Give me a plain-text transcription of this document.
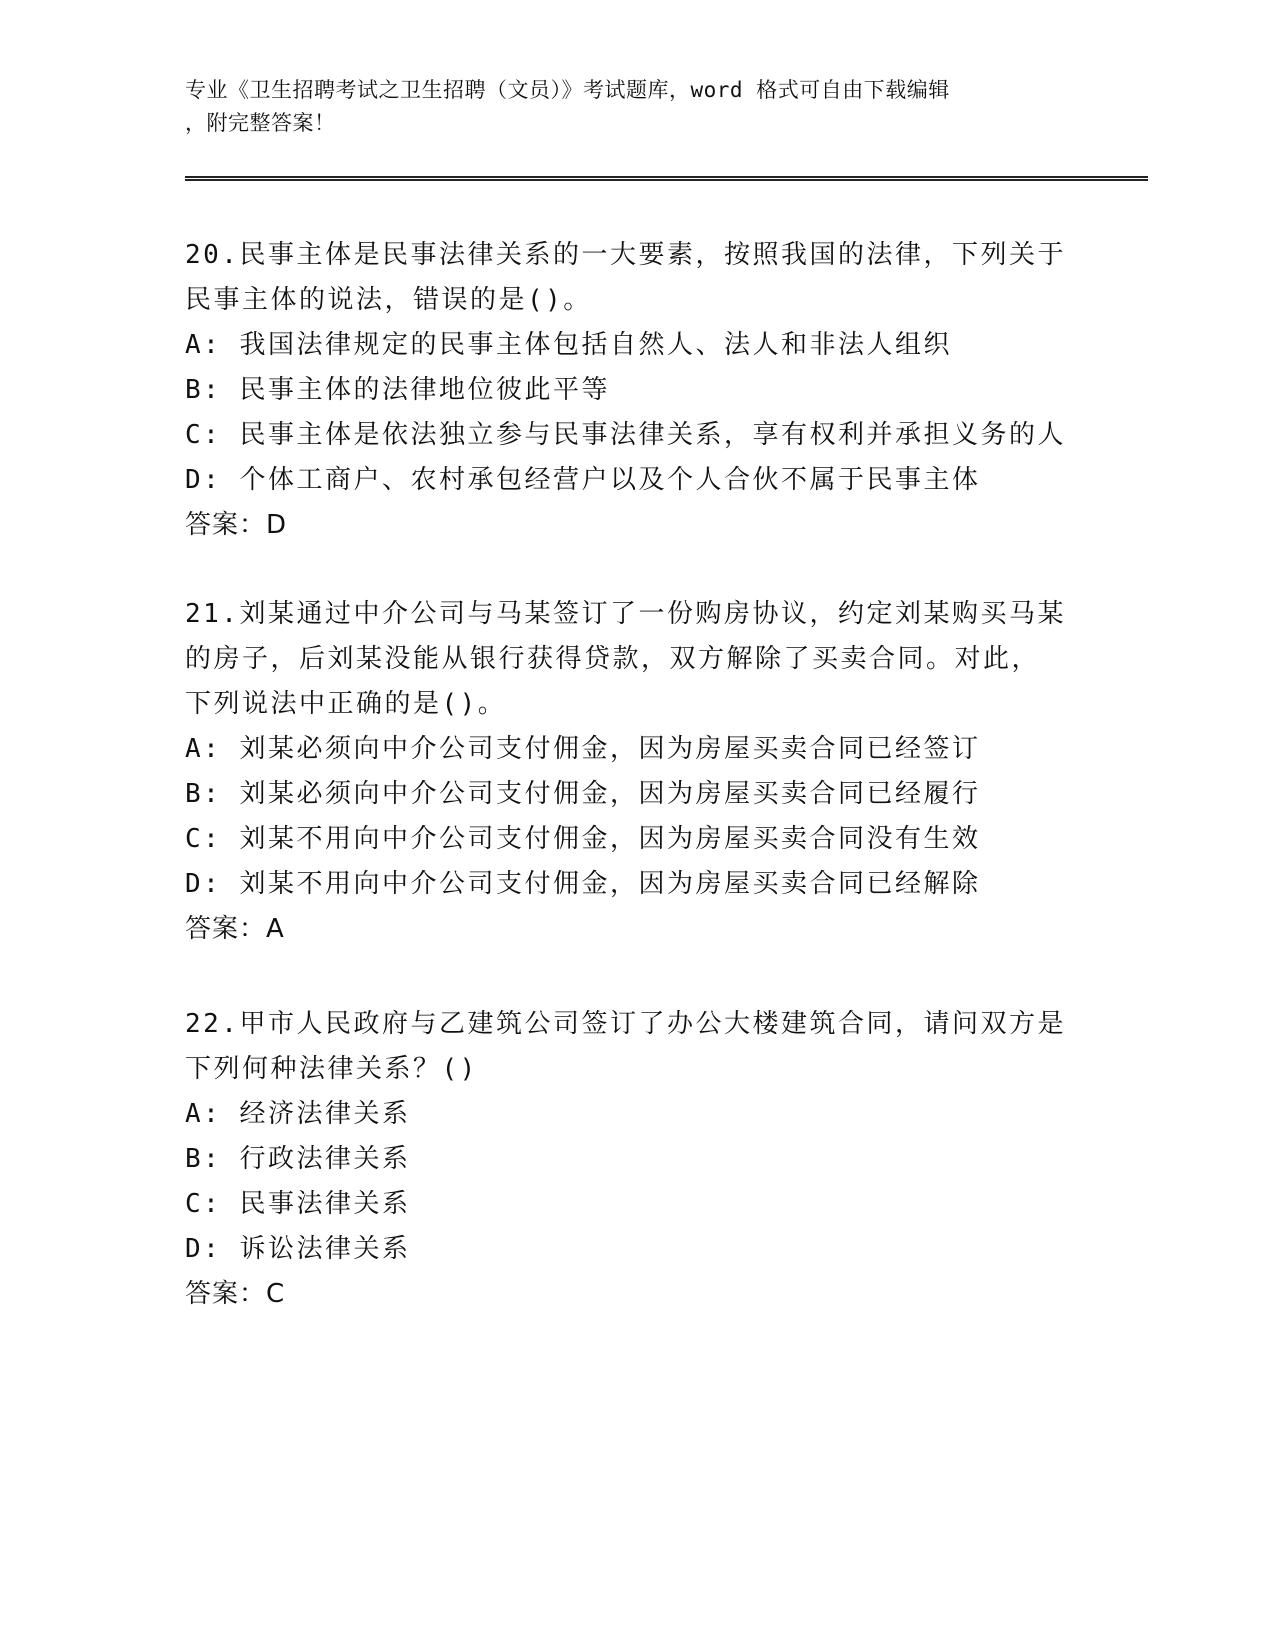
专业《卫生招聘考试之卫生招聘（文员）》考试题库，word 格式可自由下载编辑
，附完整答案！

20.民事主体是民事法律关系的一大要素，按照我国的法律，下列关于

民事主体的说法，错误的是()。

A: 我国法律规定的民事主体包括自然人、法人和非法人组织

B: 民事主体的法律地位彼此平等

C: 民事主体是依法独立参与民事法律关系，享有权利并承担义务的人

D: 个体工商户、农村承包经营户以及个人合伙不属于民事主体

答案：D

21.刘某通过中介公司与马某签订了一份购房协议，约定刘某购买马某

的房子，后刘某没能从银行获得贷款，双方解除了买卖合同。对此，

下列说法中正确的是()。

A: 刘某必须向中介公司支付佣金，因为房屋买卖合同已经签订

B: 刘某必须向中介公司支付佣金，因为房屋买卖合同已经履行

C: 刘某不用向中介公司支付佣金，因为房屋买卖合同没有生效

D: 刘某不用向中介公司支付佣金，因为房屋买卖合同已经解除

答案：A

22.甲市人民政府与乙建筑公司签订了办公大楼建筑合同，请问双方是

下列何种法律关系？()

A: 经济法律关系

B: 行政法律关系

C: 民事法律关系

D: 诉讼法律关系

答案：C
